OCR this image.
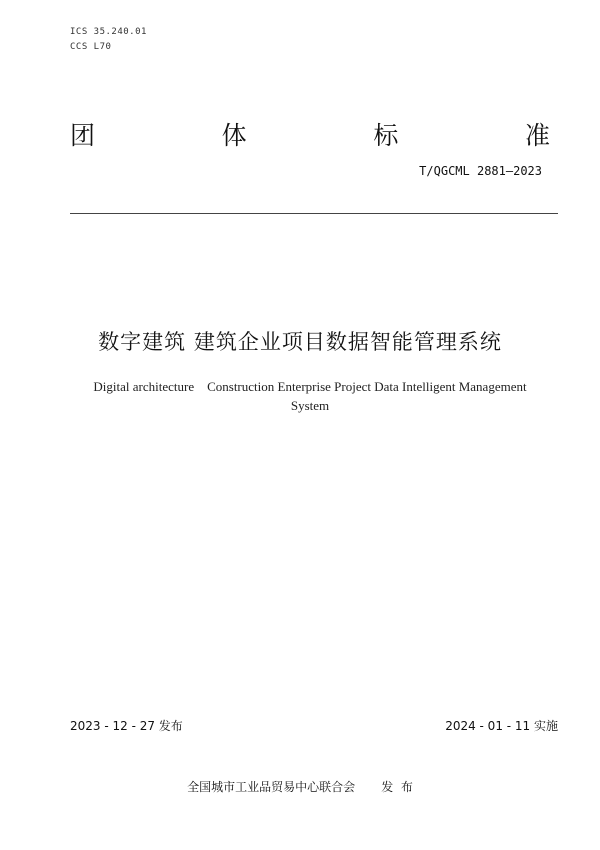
ICS 35.240.01
CCS L70
团	体	标	准
T/QGCML 2881—2023
数字建筑 建筑企业项目数据智能管理系统
Digital architecture    Construction Enterprise Project Data Intelligent Management
System
2023 - 12 - 27 发布	2024 - 01 - 11 实施
全国城市工业品贸易中心联合会 发  布
